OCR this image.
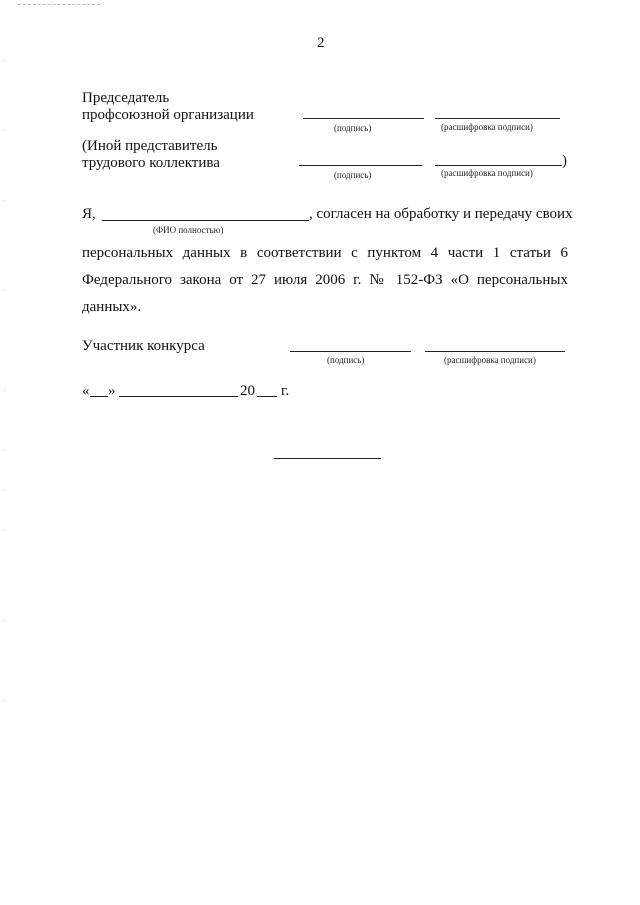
2
Председатель
профсоюзной организации
(подпись)	(расшифровка подписи)
(Иной представитель
трудового коллектива	)
(подпись)	(расшифровка подписи)
Я,	, согласен на обработку и передачу своих
(ФИО полностью)
персональных данных в соответствии с пунктом 4 части 1 статьи 6
Федерального закона от 27 июля 2006 г. № 152-ФЗ «О персональных
данных».
Участник конкурса
(подпись)	(расшифровка подписи)
« »	20 г.
